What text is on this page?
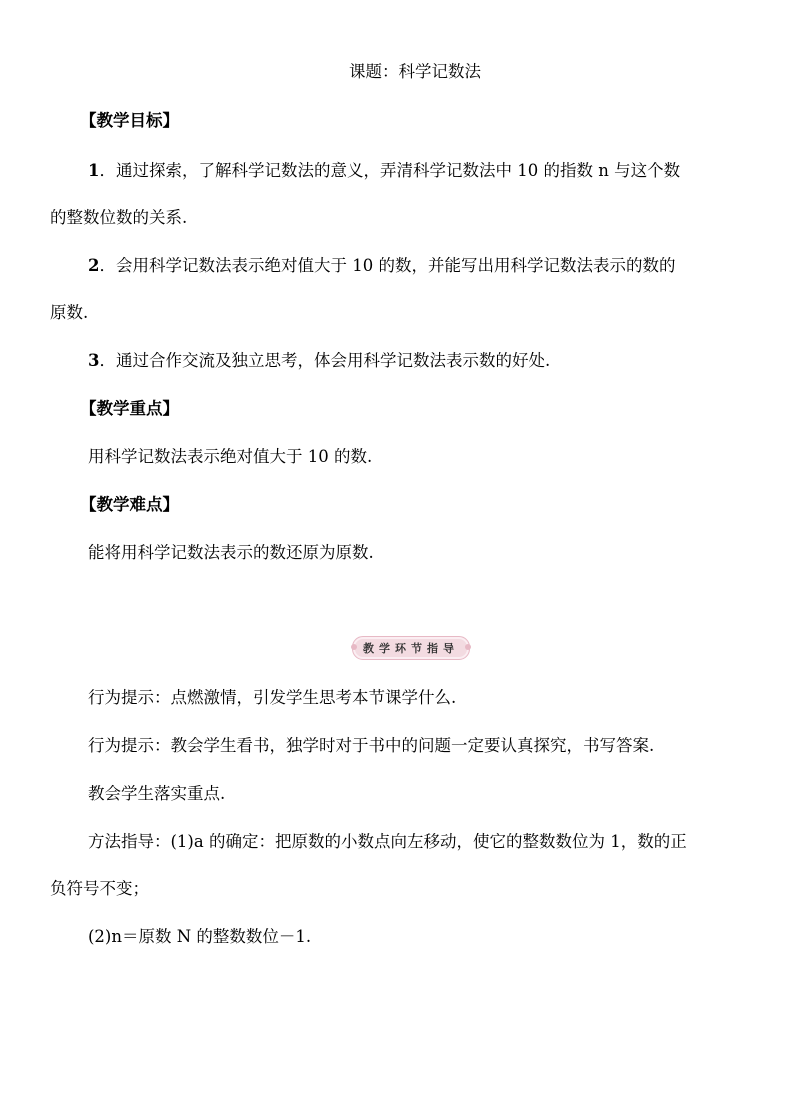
课题：科学记数法
【教学目标】
1．通过探索，了解科学记数法的意义，弄清科学记数法中 10 的指数 n 与这个数
的整数位数的关系.
2．会用科学记数法表示绝对值大于 10 的数，并能写出用科学记数法表示的数的
原数.
3．通过合作交流及独立思考，体会用科学记数法表示数的好处.
【教学重点】
用科学记数法表示绝对值大于 10 的数.
【教学难点】
能将用科学记数法表示的数还原为原数.
教学环节指导
行为提示：点燃激情，引发学生思考本节课学什么.
行为提示：教会学生看书，独学时对于书中的问题一定要认真探究，书写答案.
教会学生落实重点.
方法指导：(1)a 的确定：把原数的小数点向左移动，使它的整数数位为 1，数的正
负符号不变；
(2)n＝原数 N 的整数数位－1.
